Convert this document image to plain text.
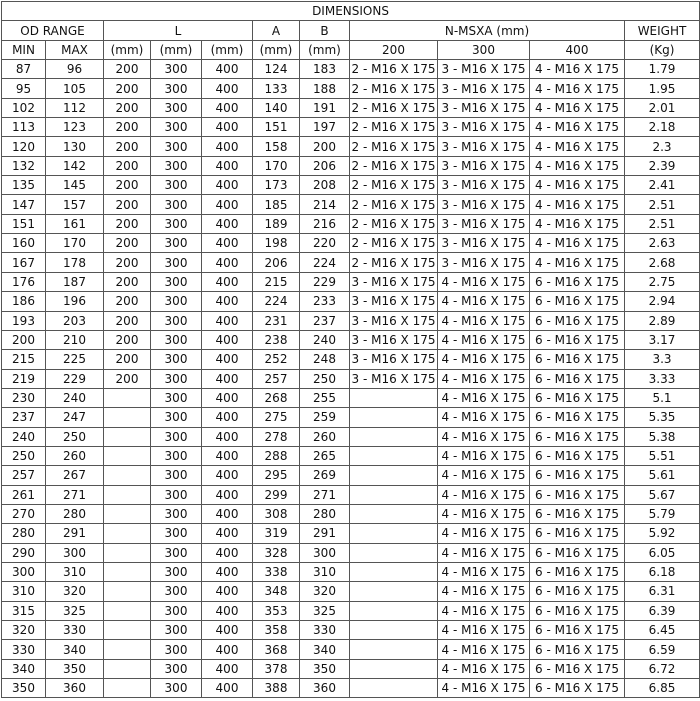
DIMENSIONS										
OD RANGE		L			A	B	N-MSXA (mm)			WEIGHT
MIN	MAX	(mm)	(mm)	(mm)	(mm)	(mm)	200	300	400	(Kg)
87	96	200	300	400	124	183	2 - M16 X 175	3 - M16 X 175	4 - M16 X 175	1.79
95	105	200	300	400	133	188	2 - M16 X 175	3 - M16 X 175	4 - M16 X 175	1.95
102	112	200	300	400	140	191	2 - M16 X 175	3 - M16 X 175	4 - M16 X 175	2.01
113	123	200	300	400	151	197	2 - M16 X 175	3 - M16 X 175	4 - M16 X 175	2.18
120	130	200	300	400	158	200	2 - M16 X 175	3 - M16 X 175	4 - M16 X 175	2.3
132	142	200	300	400	170	206	2 - M16 X 175	3 - M16 X 175	4 - M16 X 175	2.39
135	145	200	300	400	173	208	2 - M16 X 175	3 - M16 X 175	4 - M16 X 175	2.41
147	157	200	300	400	185	214	2 - M16 X 175	3 - M16 X 175	4 - M16 X 175	2.51
151	161	200	300	400	189	216	2 - M16 X 175	3 - M16 X 175	4 - M16 X 175	2.51
160	170	200	300	400	198	220	2 - M16 X 175	3 - M16 X 175	4 - M16 X 175	2.63
167	178	200	300	400	206	224	2 - M16 X 175	3 - M16 X 175	4 - M16 X 175	2.68
176	187	200	300	400	215	229	3 - M16 X 175	4 - M16 X 175	6 - M16 X 175	2.75
186	196	200	300	400	224	233	3 - M16 X 175	4 - M16 X 175	6 - M16 X 175	2.94
193	203	200	300	400	231	237	3 - M16 X 175	4 - M16 X 175	6 - M16 X 175	2.89
200	210	200	300	400	238	240	3 - M16 X 175	4 - M16 X 175	6 - M16 X 175	3.17
215	225	200	300	400	252	248	3 - M16 X 175	4 - M16 X 175	6 - M16 X 175	3.3
219	229	200	300	400	257	250	3 - M16 X 175	4 - M16 X 175	6 - M16 X 175	3.33
230	240		300	400	268	255		4 - M16 X 175	6 - M16 X 175	5.1
237	247		300	400	275	259		4 - M16 X 175	6 - M16 X 175	5.35
240	250		300	400	278	260		4 - M16 X 175	6 - M16 X 175	5.38
250	260		300	400	288	265		4 - M16 X 175	6 - M16 X 175	5.51
257	267		300	400	295	269		4 - M16 X 175	6 - M16 X 175	5.61
261	271		300	400	299	271		4 - M16 X 175	6 - M16 X 175	5.67
270	280		300	400	308	280		4 - M16 X 175	6 - M16 X 175	5.79
280	291		300	400	319	291		4 - M16 X 175	6 - M16 X 175	5.92
290	300		300	400	328	300		4 - M16 X 175	6 - M16 X 175	6.05
300	310		300	400	338	310		4 - M16 X 175	6 - M16 X 175	6.18
310	320		300	400	348	320		4 - M16 X 175	6 - M16 X 175	6.31
315	325		300	400	353	325		4 - M16 X 175	6 - M16 X 175	6.39
320	330		300	400	358	330		4 - M16 X 175	6 - M16 X 175	6.45
330	340		300	400	368	340		4 - M16 X 175	6 - M16 X 175	6.59
340	350		300	400	378	350		4 - M16 X 175	6 - M16 X 175	6.72
350	360		300	400	388	360		4 - M16 X 175	6 - M16 X 175	6.85
